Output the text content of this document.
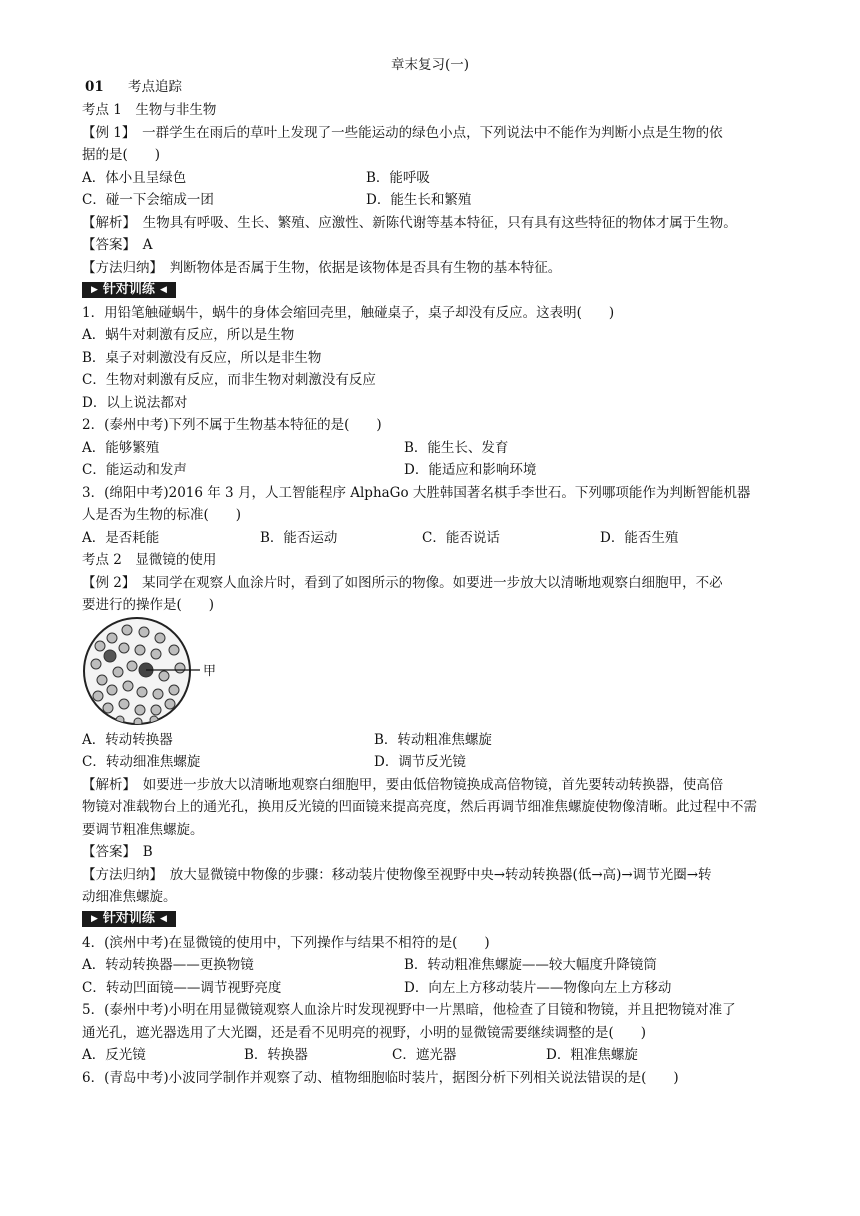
章末复习(一)
01 考点追踪
考点 1　生物与非生物
【例 1】　一群学生在雨后的草叶上发现了一些能运动的绿色小点，下列说法中不能作为判断小点是生物的依
据的是(　　)
A．体小且呈绿色	B．能呼吸
C．碰一下会缩成一团	D．能生长和繁殖
【解析】　生物具有呼吸、生长、繁殖、应激性、新陈代谢等基本特征，只有具有这些特征的物体才属于生物。
【答案】　A
【方法归纳】　判断物体是否属于生物，依据是该物体是否具有生物的基本特征。
▶ 针对训练 ◀
1．用铅笔触碰蜗牛，蜗牛的身体会缩回壳里，触碰桌子，桌子却没有反应。这表明(　　)
A．蜗牛对刺激有反应，所以是生物
B．桌子对刺激没有反应，所以是非生物
C．生物对刺激有反应，而非生物对刺激没有反应
D．以上说法都对
2．(泰州中考)下列不属于生物基本特征的是(　　)
A．能够繁殖	B．能生长、发育
C．能运动和发声	D．能适应和影响环境
3．(绵阳中考)2016 年 3 月，人工智能程序 AlphaGo 大胜韩国著名棋手李世石。下列哪项能作为判断智能机器
人是否为生物的标准(　　)
A．是否耗能	B．能否运动	C．能否说话	D．能否生殖
考点 2　显微镜的使用
【例 2】　某同学在观察人血涂片时，看到了如图所示的物像。如要进一步放大以清晰地观察白细胞甲，不必
要进行的操作是(　　)
甲
A．转动转换器	B．转动粗准焦螺旋
C．转动细准焦螺旋	D．调节反光镜
【解析】　如要进一步放大以清晰地观察白细胞甲，要由低倍物镜换成高倍物镜，首先要转动转换器，使高倍
物镜对准载物台上的通光孔，换用反光镜的凹面镜来提高亮度，然后再调节细准焦螺旋使物像清晰。此过程中不需
要调节粗准焦螺旋。
【答案】　B
【方法归纳】　放大显微镜中物像的步骤：移动装片使物像至视野中央→转动转换器(低→高)→调节光圈→转
动细准焦螺旋。
▶ 针对训练 ◀
4．(滨州中考)在显微镜的使用中，下列操作与结果不相符的是(　　)
A．转动转换器——更换物镜	B．转动粗准焦螺旋——较大幅度升降镜筒
C．转动凹面镜——调节视野亮度	D．向左上方移动装片——物像向左上方移动
5．(泰州中考)小明在用显微镜观察人血涂片时发现视野中一片黑暗，他检查了目镜和物镜，并且把物镜对准了
通光孔，遮光器选用了大光圈，还是看不见明亮的视野，小明的显微镜需要继续调整的是(　　)
A．反光镜	B．转换器	C．遮光器	D．粗准焦螺旋
6．(青岛中考)小波同学制作并观察了动、植物细胞临时装片，据图分析下列相关说法错误的是(　　)
